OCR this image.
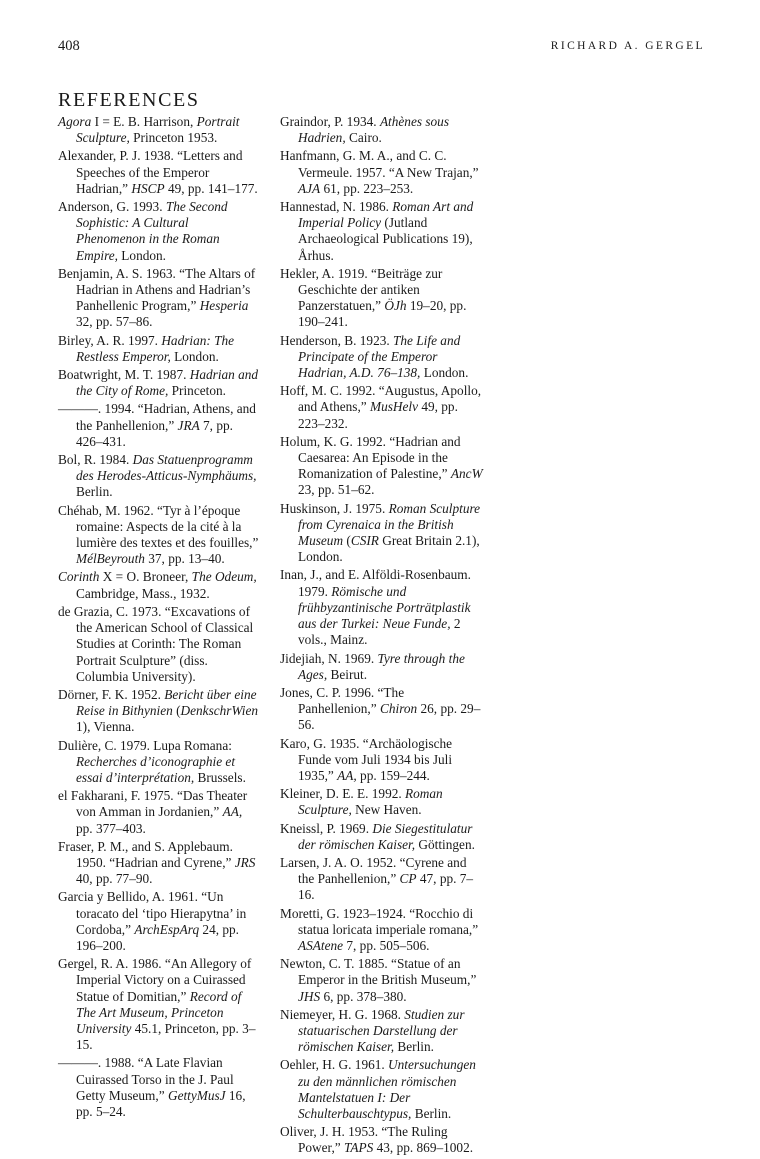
408	RICHARD A. GERGEL
REFERENCES
Agora I = E. B. Harrison, Portrait Sculpture, Princeton 1953.
Alexander, P. J. 1938. “Letters and Speeches of the Emperor Hadrian,” HSCP 49, pp. 141–177.
Anderson, G. 1993. The Second Sophistic: A Cultural Phenomenon in the Roman Empire, London.
Benjamin, A. S. 1963. “The Altars of Hadrian in Athens and Hadrian’s Panhellenic Program,” Hesperia 32, pp. 57–86.
Birley, A. R. 1997. Hadrian: The Restless Emperor, London.
Boatwright, M. T. 1987. Hadrian and the City of Rome, Princeton.
———. 1994. “Hadrian, Athens, and the Panhellenion,” JRA 7, pp. 426–431.
Bol, R. 1984. Das Statuenprogramm des Herodes-Atticus-Nymphäums, Berlin.
Chéhab, M. 1962. “Tyr à l’époque romaine: Aspects de la cité à la lumière des textes et des fouilles,” MélBeyrouth 37, pp. 13–40.
Corinth X = O. Broneer, The Odeum, Cambridge, Mass., 1932.
de Grazia, C. 1973. “Excavations of the American School of Classical Studies at Corinth: The Roman Portrait Sculpture” (diss. Columbia University).
Dörner, F. K. 1952. Bericht über eine Reise in Bithynien (DenkschrWien 1), Vienna.
Dulière, C. 1979. Lupa Romana: Recherches d’iconographie et essai d’interprétation, Brussels.
el Fakharani, F. 1975. “Das Theater von Amman in Jordanien,” AA, pp. 377–403.
Fraser, P. M., and S. Applebaum. 1950. “Hadrian and Cyrene,” JRS 40, pp. 77–90.
Garcia y Bellido, A. 1961. “Un toracato del ‘tipo Hierapytna’ in Cordoba,” ArchEspArq 24, pp. 196–200.
Gergel, R. A. 1986. “An Allegory of Imperial Victory on a Cuirassed Statue of Domitian,” Record of The Art Museum, Princeton University 45.1, Princeton, pp. 3–15.
———. 1988. “A Late Flavian Cuirassed Torso in the J. Paul Getty Museum,” GettyMusJ 16, pp. 5–24.
Graindor, P. 1934. Athènes sous Hadrien, Cairo.
Hanfmann, G. M. A., and C. C. Vermeule. 1957. “A New Trajan,” AJA 61, pp. 223–253.
Hannestad, N. 1986. Roman Art and Imperial Policy (Jutland Archaeological Publications 19), Århus.
Hekler, A. 1919. “Beiträge zur Geschichte der antiken Panzerstatuen,” ÖJh 19–20, pp. 190–241.
Henderson, B. 1923. The Life and Principate of the Emperor Hadrian, A.D. 76–138, London.
Hoff, M. C. 1992. “Augustus, Apollo, and Athens,” MusHelv 49, pp. 223–232.
Holum, K. G. 1992. “Hadrian and Caesarea: An Episode in the Romanization of Palestine,” AncW 23, pp. 51–62.
Huskinson, J. 1975. Roman Sculpture from Cyrenaica in the British Museum (CSIR Great Britain 2.1), London.
Inan, J., and E. Alföldi-Rosenbaum. 1979. Römische und frühbyzantinische Porträtplastik aus der Turkei: Neue Funde, 2 vols., Mainz.
Jidejiah, N. 1969. Tyre through the Ages, Beirut.
Jones, C. P. 1996. “The Panhellenion,” Chiron 26, pp. 29–56.
Karo, G. 1935. “Archäologische Funde vom Juli 1934 bis Juli 1935,” AA, pp. 159–244.
Kleiner, D. E. E. 1992. Roman Sculpture, New Haven.
Kneissl, P. 1969. Die Siegestitulatur der römischen Kaiser, Göttingen.
Larsen, J. A. O. 1952. “Cyrene and the Panhellenion,” CP 47, pp. 7–16.
Moretti, G. 1923–1924. “Rocchio di statua loricata imperiale romana,” ASAtene 7, pp. 505–506.
Newton, C. T. 1885. “Statue of an Emperor in the British Museum,” JHS 6, pp. 378–380.
Niemeyer, H. G. 1968. Studien zur statuarischen Darstellung der römischen Kaiser, Berlin.
Oehler, H. G. 1961. Untersuchungen zu den männlichen römischen Mantelstatuen I: Der Schulterbauschtypus, Berlin.
Oliver, J. H. 1953. “The Ruling Power,” TAPS 43, pp. 869–1002.
